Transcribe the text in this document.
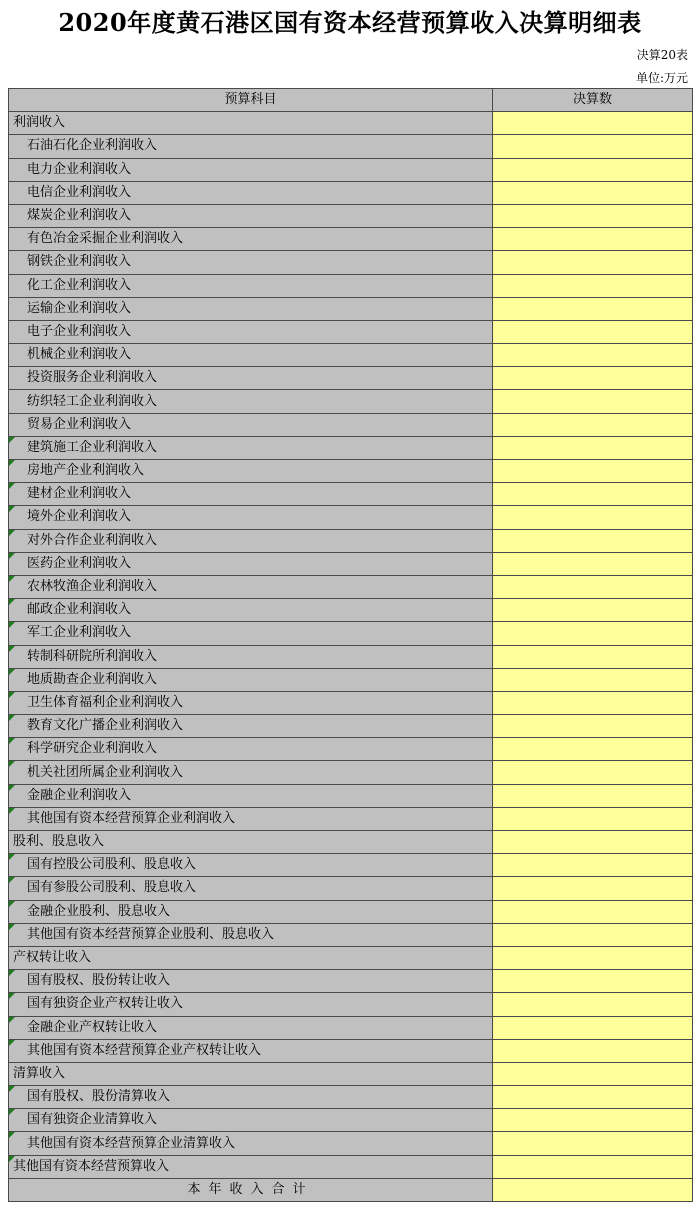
2020年度黄石港区国有资本经营预算收入决算明细表
决算20表
单位:万元
预算科目	决算数
利润收入	
石油石化企业利润收入	
电力企业利润收入	
电信企业利润收入	
煤炭企业利润收入	
有色冶金采掘企业利润收入	
钢铁企业利润收入	
化工企业利润收入	
运输企业利润收入	
电子企业利润收入	
机械企业利润收入	
投资服务企业利润收入	
纺织轻工企业利润收入	
贸易企业利润收入	
建筑施工企业利润收入	
房地产企业利润收入	
建材企业利润收入	
境外企业利润收入	
对外合作企业利润收入	
医药企业利润收入	
农林牧渔企业利润收入	
邮政企业利润收入	
军工企业利润收入	
转制科研院所利润收入	
地质勘查企业利润收入	
卫生体育福利企业利润收入	
教育文化广播企业利润收入	
科学研究企业利润收入	
机关社团所属企业利润收入	
金融企业利润收入	
其他国有资本经营预算企业利润收入	
股利、股息收入	
国有控股公司股利、股息收入	
国有参股公司股利、股息收入	
金融企业股利、股息收入	
其他国有资本经营预算企业股利、股息收入	
产权转让收入	
国有股权、股份转让收入	
国有独资企业产权转让收入	
金融企业产权转让收入	
其他国有资本经营预算企业产权转让收入	
清算收入	
国有股权、股份清算收入	
国有独资企业清算收入	
其他国有资本经营预算企业清算收入	
其他国有资本经营预算收入	
本年收入合计	
